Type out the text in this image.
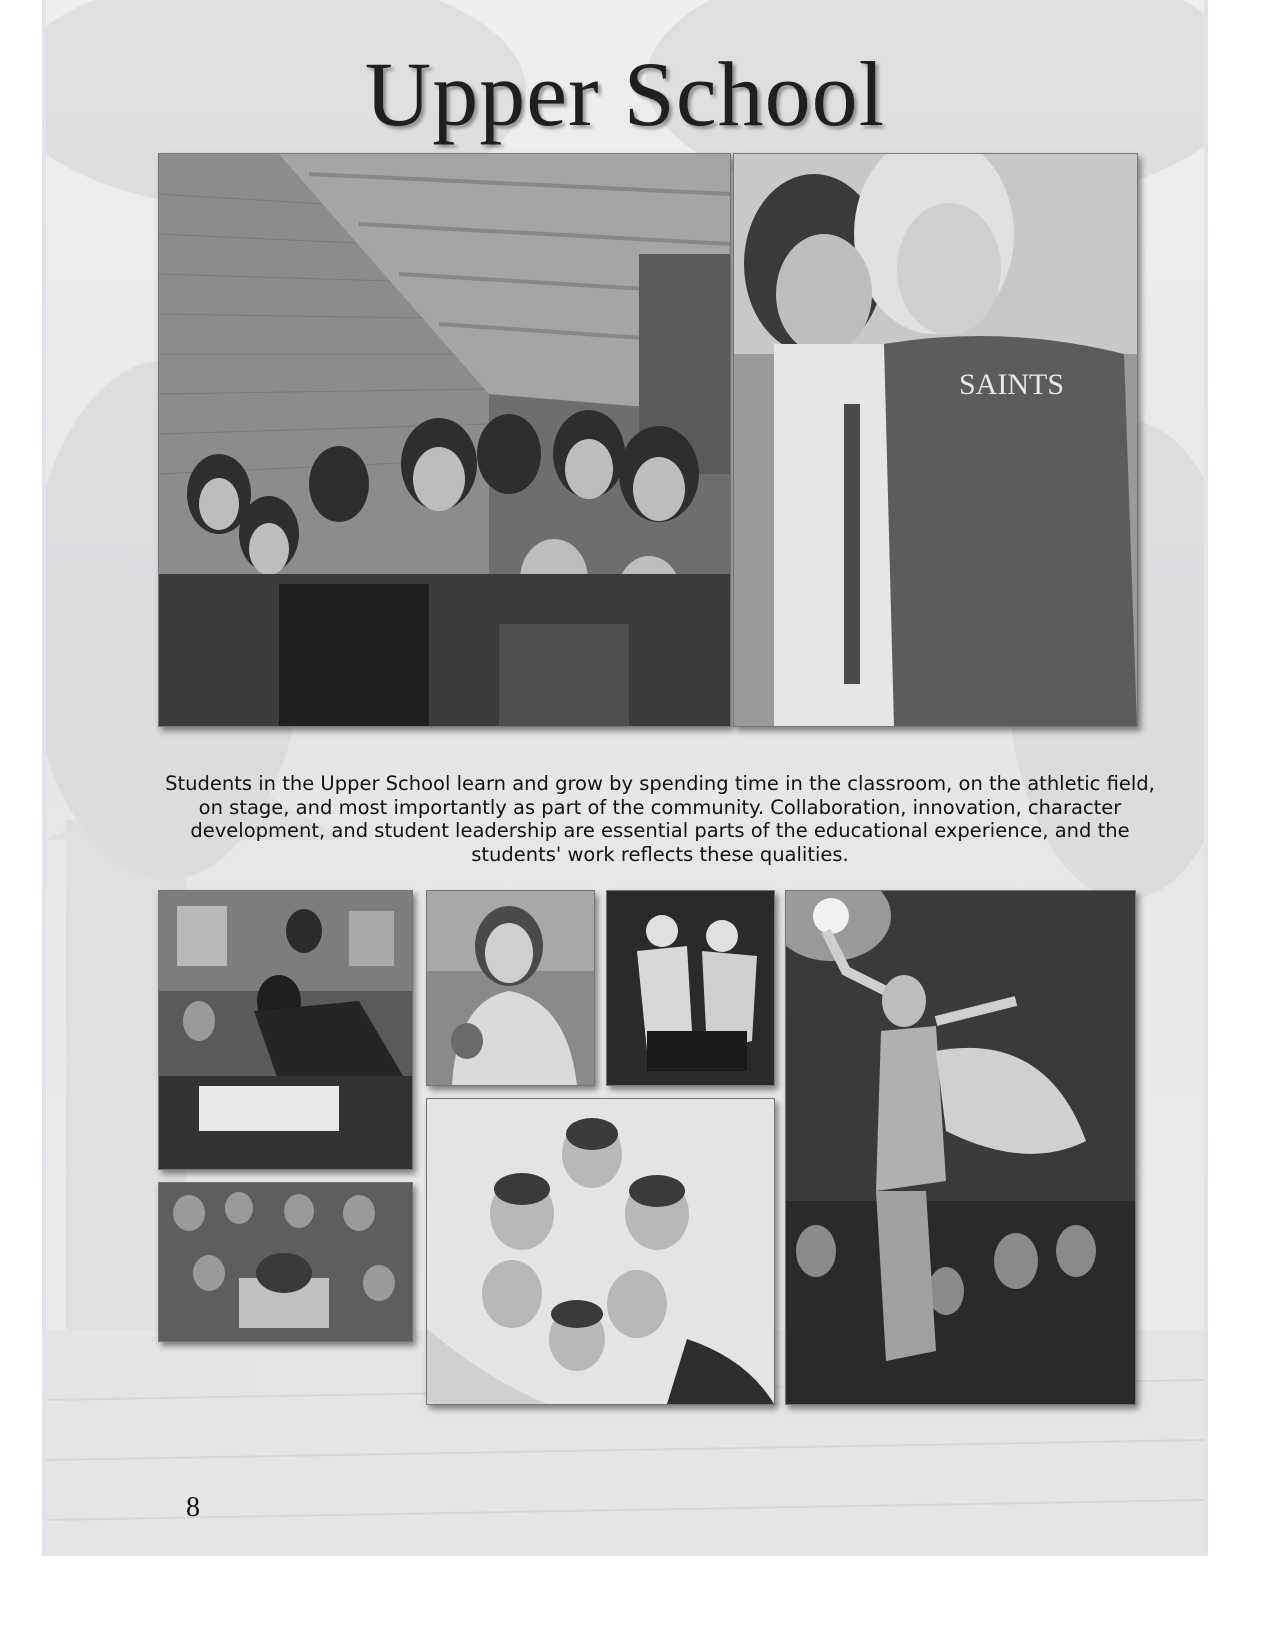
Upper School
SAINTS
Students in the Upper School learn and grow by spending time in the classroom, on the athletic field, on stage, and most importantly as part of the community. Collaboration, innovation, character development, and student leadership are essential parts of the educational experience, and the students' work reflects these qualities.
8
